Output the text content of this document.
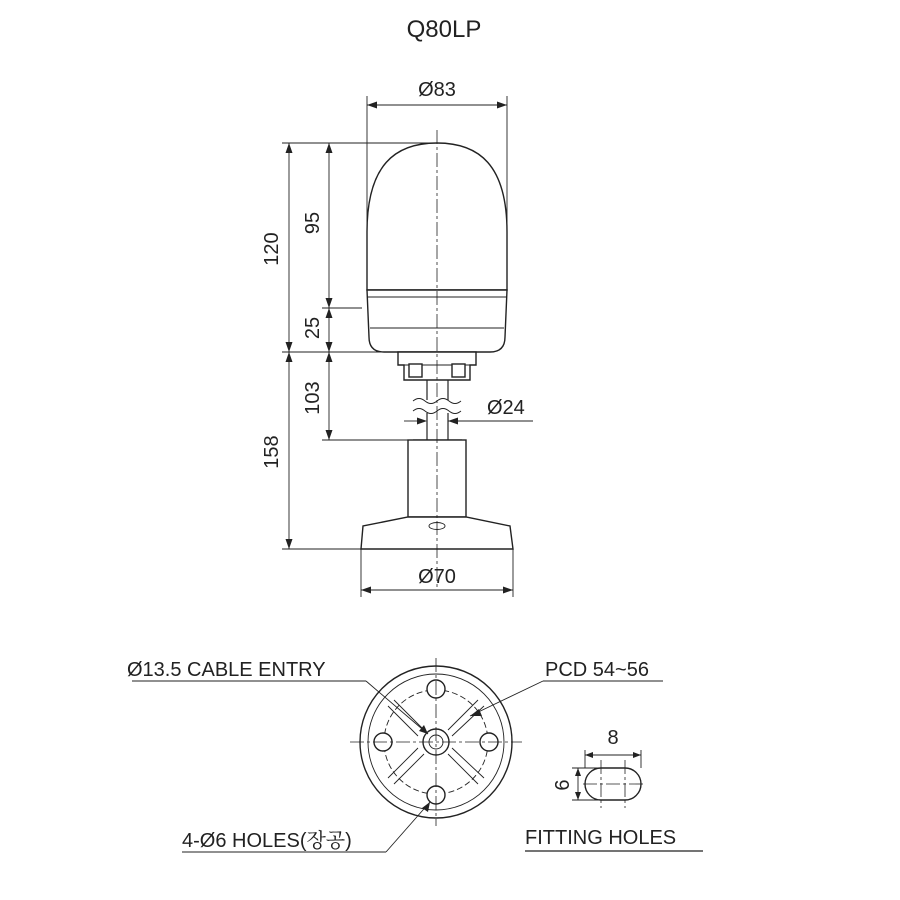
Q80LP
Ø83
120
95
25
103
158
Ø24
Ø70
Ø13.5 CABLE ENTRY	PCD 54~56
4-Ø6 HOLES(장공)
8
6
FITTING HOLES
